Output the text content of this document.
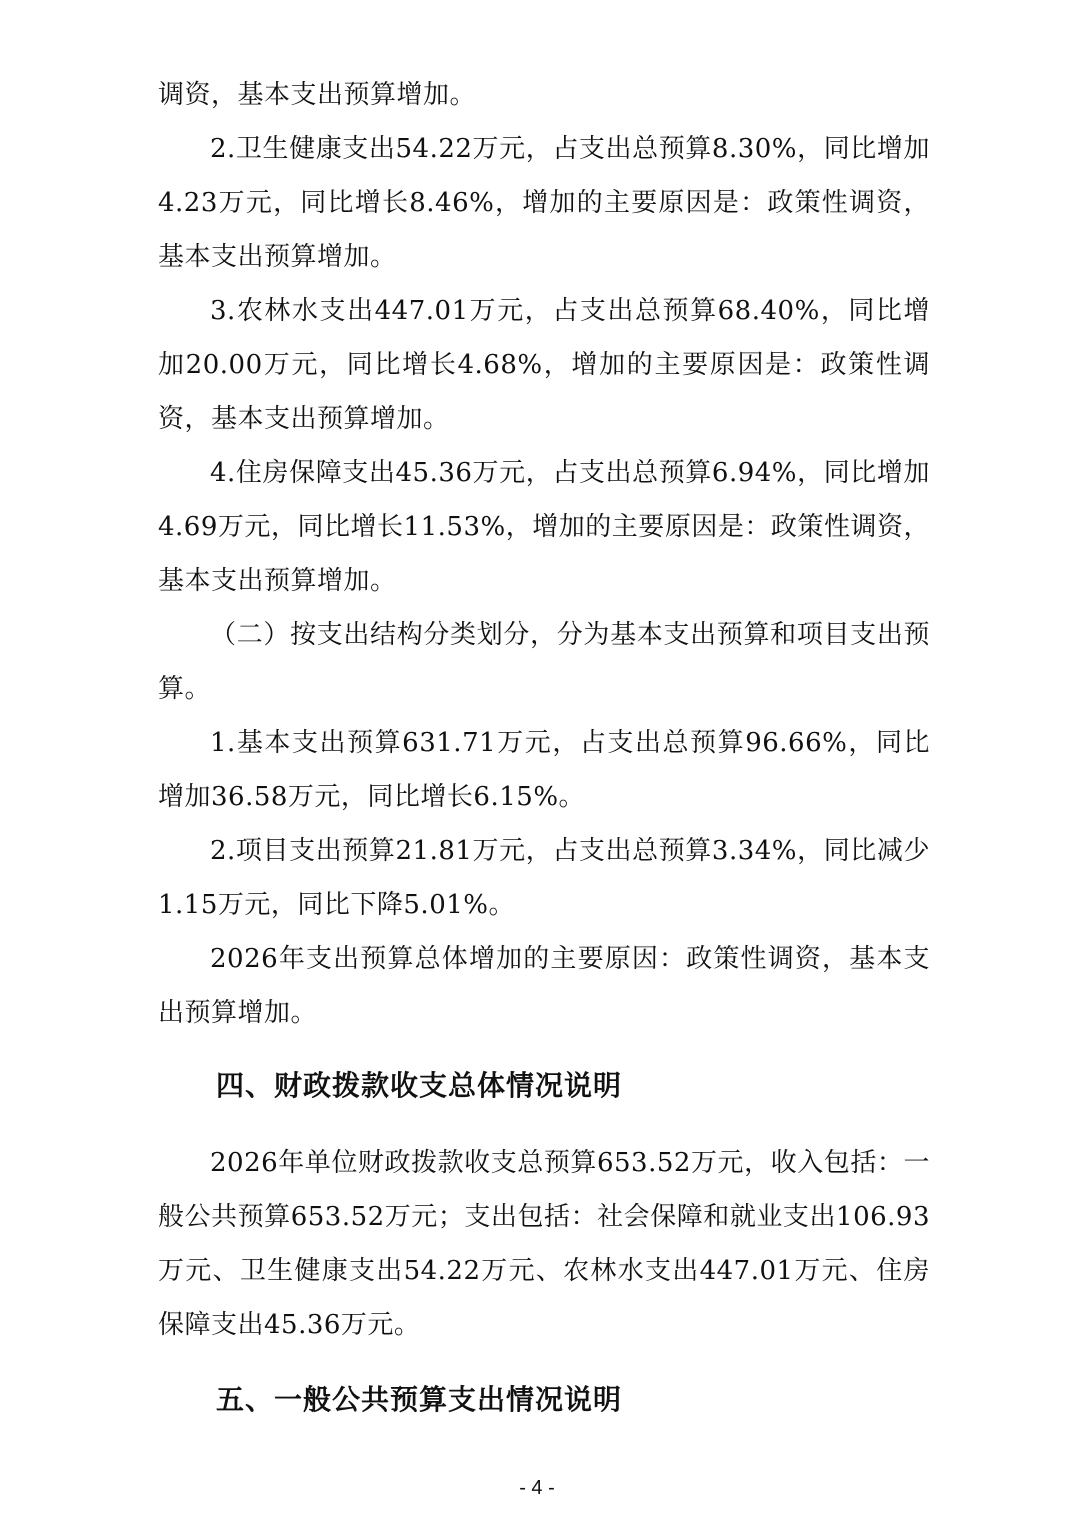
调资，基本支出预算增加。

2.卫生健康支出54.22万元，占支出总预算8.30%，同比增加4.23万元，同比增长8.46%，增加的主要原因是：政策性调资，基本支出预算增加。

3.农林水支出447.01万元，占支出总预算68.40%，同比增加20.00万元，同比增长4.68%，增加的主要原因是：政策性调资，基本支出预算增加。

4.住房保障支出45.36万元，占支出总预算6.94%，同比增加4.69万元，同比增长11.53%，增加的主要原因是：政策性调资，基本支出预算增加。

（二）按支出结构分类划分，分为基本支出预算和项目支出预算。

1.基本支出预算631.71万元，占支出总预算96.66%，同比增加36.58万元，同比增长6.15%。

2.项目支出预算21.81万元，占支出总预算3.34%，同比减少1.15万元，同比下降5.01%。

2026年支出预算总体增加的主要原因：政策性调资，基本支出预算增加。

四、财政拨款收支总体情况说明

2026年单位财政拨款收支总预算653.52万元，收入包括：一般公共预算653.52万元；支出包括：社会保障和就业支出106.93万元、卫生健康支出54.22万元、农林水支出447.01万元、住房保障支出45.36万元。

五、一般公共预算支出情况说明
- 4 -
